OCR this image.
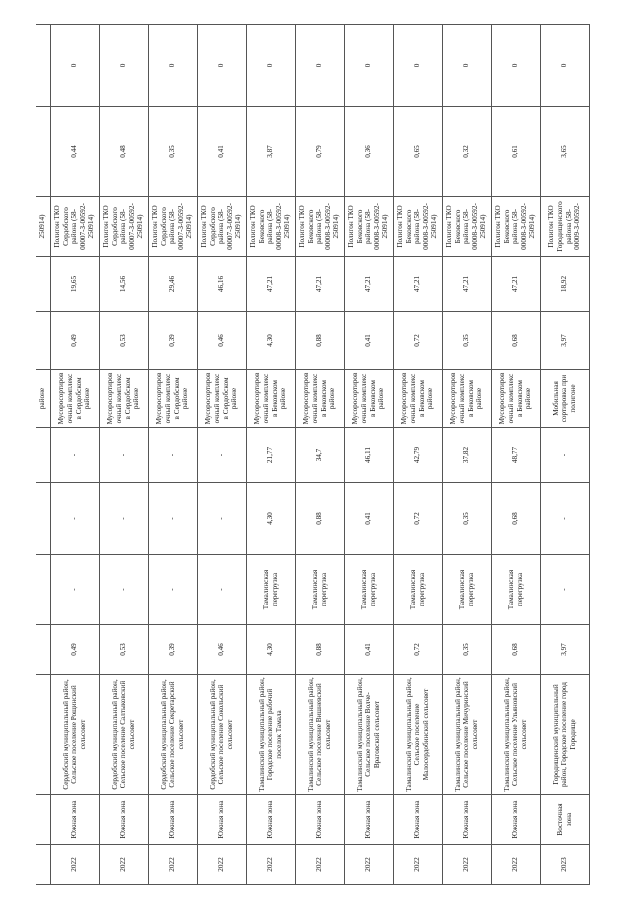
							районе			250914)		
2022	Южная зона	Сердобский муниципальный район, Сельское поселение Рощинский сельсовет	0,49	-	-	-	Мусоросортировочный комплекс в Сердобском районе	0,49	19,65	Полигон ТКО Сердобского района (58-00007-З-00592-250914)	0,44	0
2022	Южная зона	Сердобский муниципальный район, Сельское поселение Салтыковский сельсовет	0,53	-	-	-	Мусоросортировочный комплекс в Сердобском районе	0,53	14,56	Полигон ТКО Сердобского района (58-00007-З-00592-250914)	0,48	0
2022	Южная зона	Сердобский муниципальный район, Сельское поселение Секретарский сельсовет	0,39	-	-	-	Мусоросортировочный комплекс в Сердобском районе	0,39	29,46	Полигон ТКО Сердобского района (58-00007-З-00592-250914)	0,35	0
2022	Южная зона	Сердобский муниципальный район, Сельское поселение Сокольский сельсовет	0,46	-	-	-	Мусоросортировочный комплекс в Сердобском районе	0,46	46,16	Полигон ТКО Сердобского района (58-00007-З-00592-250914)	0,41	0
2022	Южная зона	Тамалинский муниципальный район, Городское поселение рабочий поселок Тамала	4,30	Тамалинская перегрузка	4,30	21,77	Мусоросортировочный комплекс в Бековском районе	4,30	47,21	Полигон ТКО Бековского района (58-00008-З-00592-250914)	3,87	0
2022	Южная зона	Тамалинский муниципальный район, Сельское поселение Вишневский сельсовет	0,88	Тамалинская перегрузка	0,88	34,7	Мусоросортировочный комплекс в Бековском районе	0,88	47,21	Полигон ТКО Бековского района (58-00008-З-00592-250914)	0,79	0
2022	Южная зона	Тамалинский муниципальный район, Сельское поселение Волче-Враговский сельсовет	0,41	Тамалинская перегрузка	0,41	46,11	Мусоросортировочный комплекс в Бековском районе	0,41	47,21	Полигон ТКО Бековского района (58-00008-З-00592-250914)	0,36	0
2022	Южная зона	Тамалинский муниципальный район, Сельское поселение Малосердобинский сельсовет	0,72	Тамалинская перегрузка	0,72	42,79	Мусоросортировочный комплекс в Бековском районе	0,72	47,21	Полигон ТКО Бековского района (58-00008-З-00592-250914)	0,65	0
2022	Южная зона	Тамалинский муниципальный район, Сельское поселение Мичуринский сельсовет	0,35	Тамалинская перегрузка	0,35	37,82	Мусоросортировочный комплекс в Бековском районе	0,35	47,21	Полигон ТКО Бековского района (58-00008-З-00592-250914)	0,32	0
2022	Южная зона	Тамалинский муниципальный район, Сельское поселение Ульяновский сельсовет	0,68	Тамалинская перегрузка	0,68	48,77	Мусоросортировочный комплекс в Бековском районе	0,68	47,21	Полигон ТКО Бековского района (58-00008-З-00592-250914)	0,61	0
2023	Восточная зона	Городищенский муниципальный район, Городское поселение город Городище	3,97	-	-	-	Мобильная сортировка при полигоне	3,97	18,92	Полигон ТКО Городищенского района (58-00009-З-00592-	3,65	0
